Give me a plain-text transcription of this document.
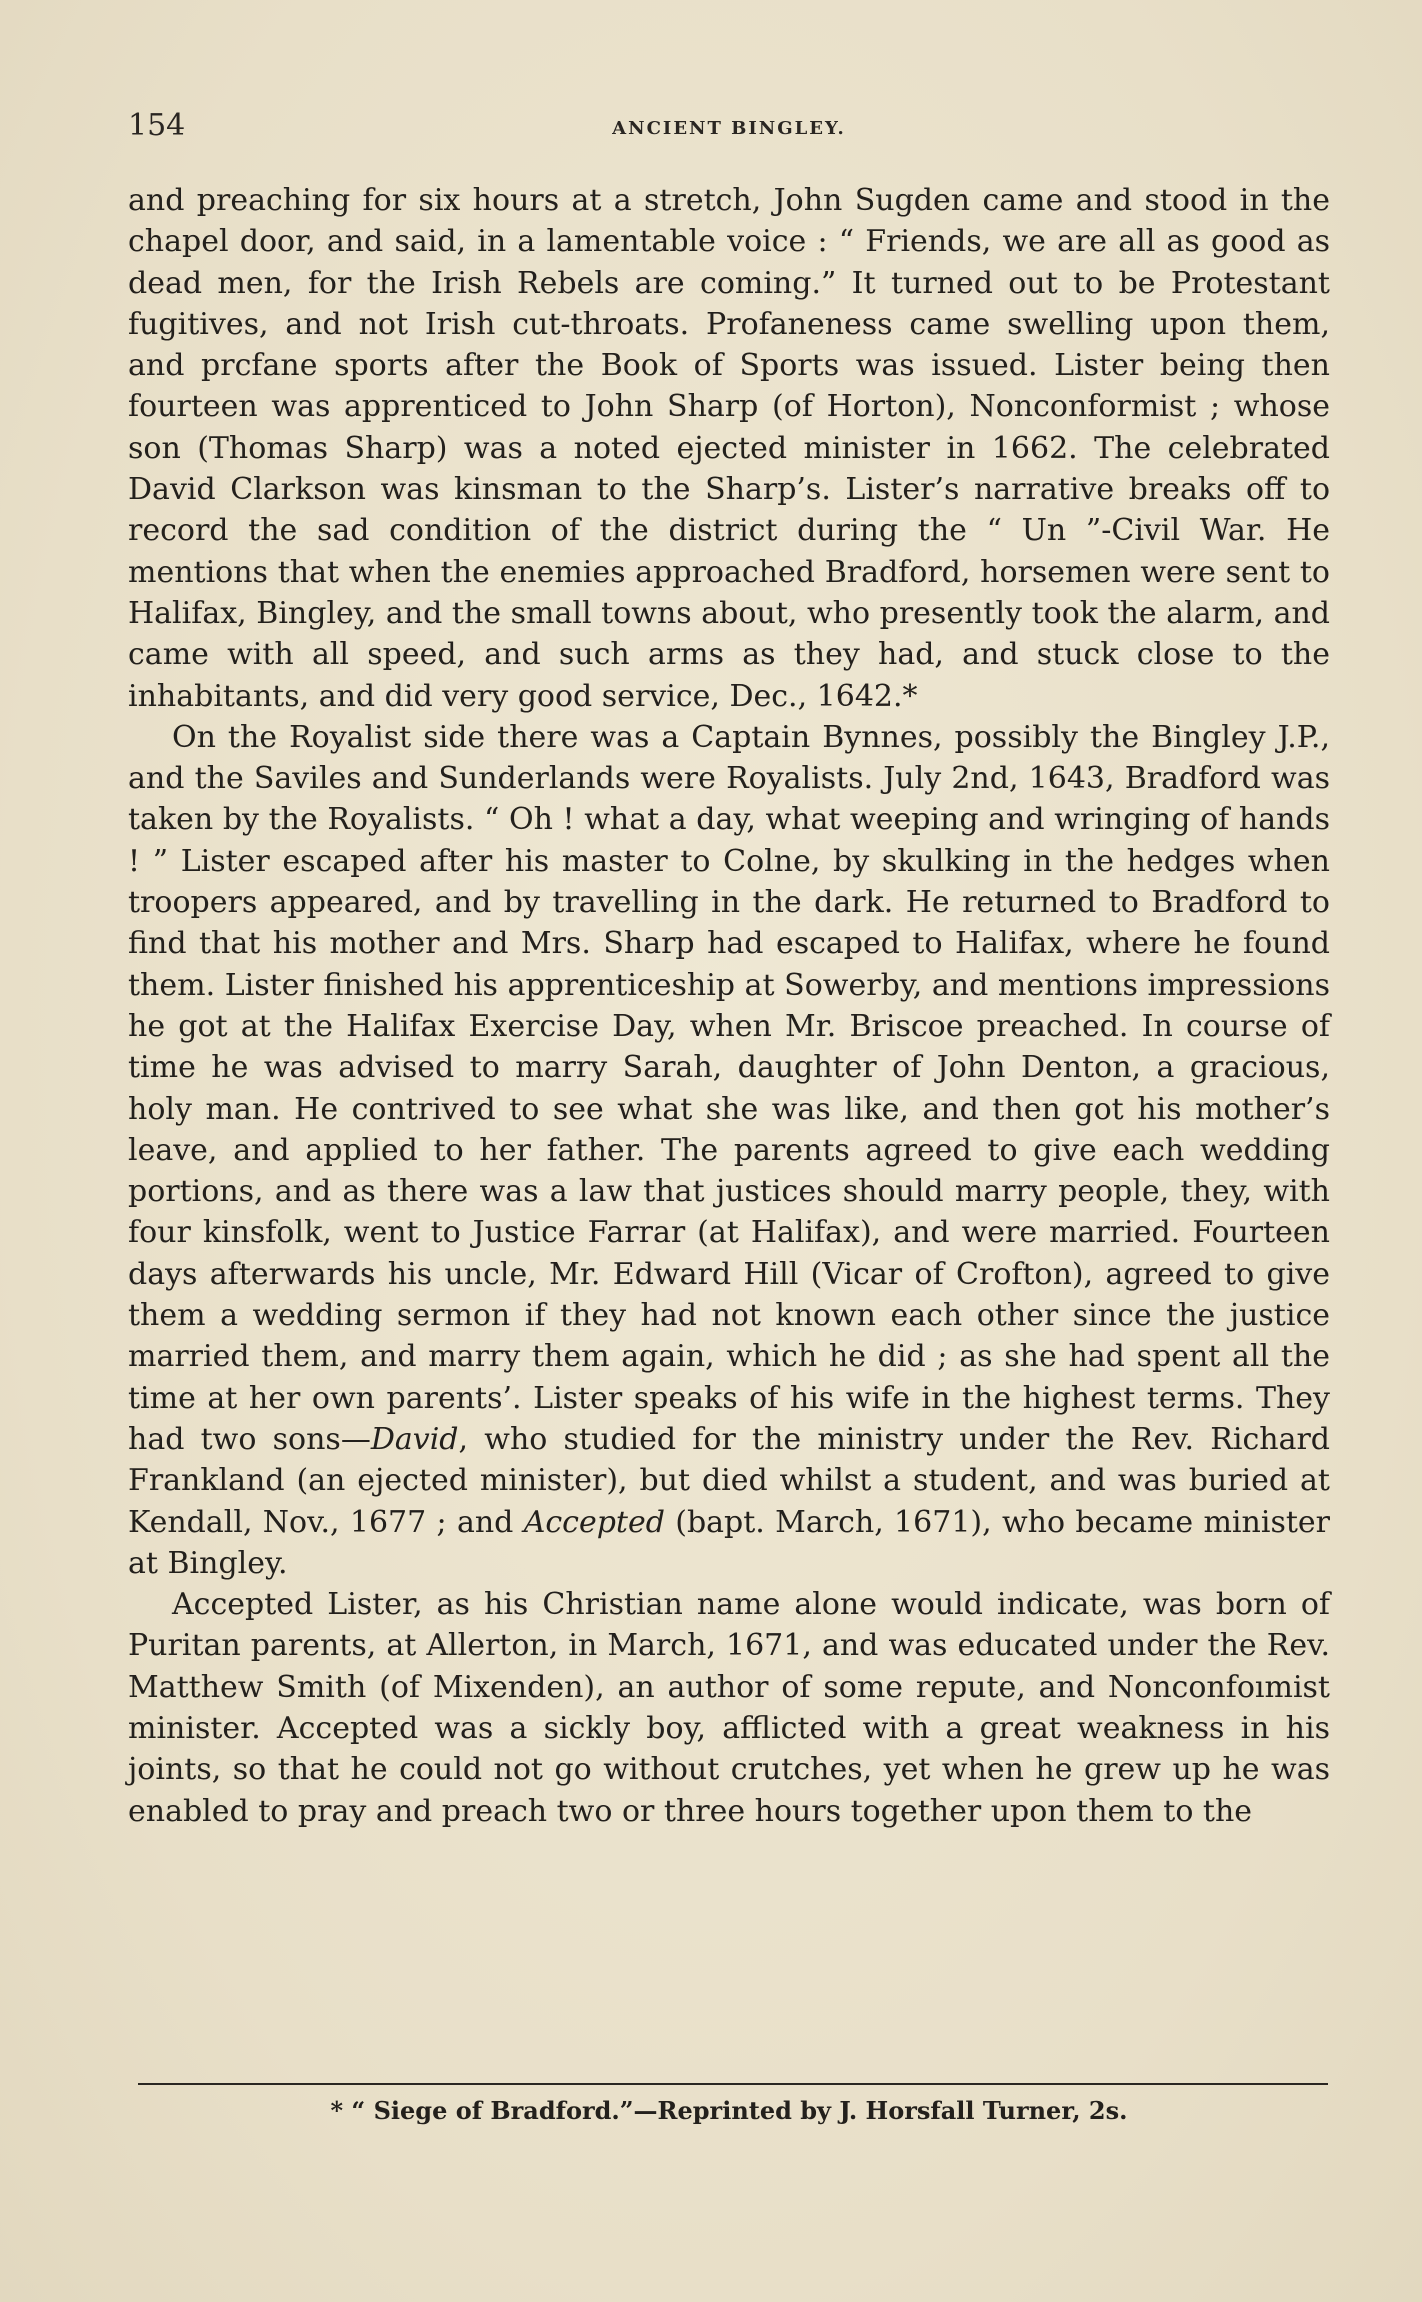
154	ANCIENT BINGLEY.

and preaching for six hours at a stretch, John Sugden came and stood in the chapel door, and said, in a lamentable voice : “ Friends, we are all as good as dead men, for the Irish Rebels are coming.” It turned out to be Protestant fugitives, and not Irish cut-throats. Profaneness came swelling upon them, and prcfane sports after the Book of Sports was issued. Lister being then fourteen was apprenticed to John Sharp (of Horton), Nonconformist ; whose son (Thomas Sharp) was a noted ejected minister in 1662. The celebrated David Clarkson was kinsman to the Sharp’s. Lister’s narrative breaks off to record the sad condition of the district during the “ Un ”-Civil War. He mentions that when the enemies approached Bradford, horsemen were sent to Halifax, Bingley, and the small towns about, who presently took the alarm, and came with all speed, and such arms as they had, and stuck close to the inhabitants, and did very good service, Dec., 1642.*

On the Royalist side there was a Captain Bynnes, possibly the Bingley J.P., and the Saviles and Sunderlands were Royalists. July 2nd, 1643, Bradford was taken by the Royalists. “ Oh ! what a day, what weeping and wringing of hands ! ” Lister escaped after his master to Colne, by skulking in the hedges when troopers appeared, and by travelling in the dark. He returned to Bradford to find that his mother and Mrs. Sharp had escaped to Halifax, where he found them. Lister finished his apprenticeship at Sowerby, and mentions impressions he got at the Halifax Exercise Day, when Mr. Briscoe preached. In course of time he was advised to marry Sarah, daughter of John Denton, a gracious, holy man. He contrived to see what she was like, and then got his mother’s leave, and applied to her father. The parents agreed to give each wedding portions, and as there was a law that justices should marry people, they, with four kinsfolk, went to Justice Farrar (at Halifax), and were married. Fourteen days afterwards his uncle, Mr. Edward Hill (Vicar of Crofton), agreed to give them a wedding sermon if they had not known each other since the justice married them, and marry them again, which he did ; as she had spent all the time at her own parents’. Lister speaks of his wife in the highest terms. They had two sons—David, who studied for the ministry under the Rev. Richard Frankland (an ejected minister), but died whilst a student, and was buried at Kendall, Nov., 1677 ; and Accepted (bapt. March, 1671), who became minister at Bingley.

Accepted Lister, as his Christian name alone would indicate, was born of Puritan parents, at Allerton, in March, 1671, and was educated under the Rev. Matthew Smith (of Mixenden), an author of some repute, and Nonconfoımist minister. Accepted was a sickly boy, afflicted with a great weakness in his joints, so that he could not go without crutches, yet when he grew up he was enabled to pray and preach two or three hours together upon them to the

* “ Siege of Bradford.”—Reprinted by J. Horsfall Turner, 2s.
